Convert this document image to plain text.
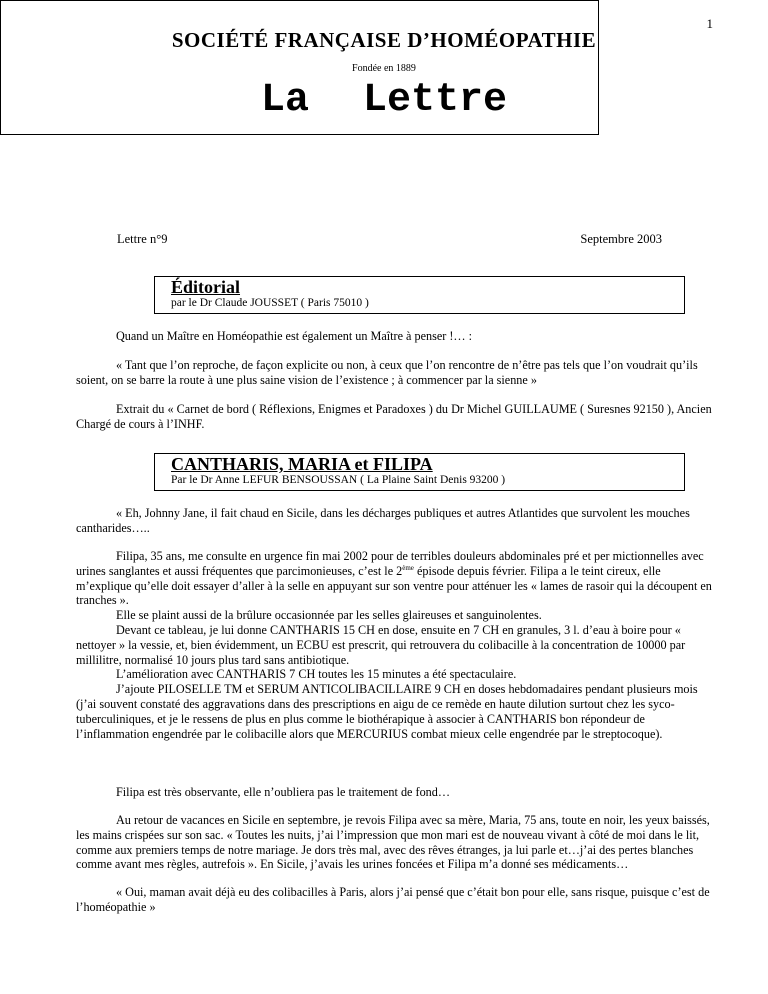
1
SOCIÉTÉ FRANÇAISE D’HOMÉOPATHIE
Fondée en 1889
La Lettre
Lettre n°9	Septembre 2003
Éditorial
par le Dr Claude JOUSSET ( Paris 75010 )

Quand un Maître en Homéopathie est également un Maître à penser !… :

« Tant que l’on reproche, de façon explicite ou non, à ceux que l’on rencontre de n’être pas tels que l’on voudrait qu’ils soient, on se barre la route à une plus saine vision de l’existence ; à commencer par la sienne »

Extrait du « Carnet de bord ( Réflexions, Enigmes et Paradoxes ) du Dr Michel GUILLAUME ( Suresnes 92150 ), Ancien Chargé de cours à l’INHF.

CANTHARIS, MARIA et FILIPA
Par le Dr Anne LEFUR BENSOUSSAN ( La Plaine Saint Denis 93200 )

« Eh, Johnny Jane, il fait chaud en Sicile, dans les décharges publiques et autres Atlantides que survolent les mouches cantharides…..

Filipa, 35 ans, me consulte en urgence fin mai 2002 pour de terribles douleurs abdominales pré et per mictionnelles avec urines sanglantes et aussi fréquentes que parcimonieuses, c’est le 2ème épisode depuis février. Filipa a le teint cireux, elle m’explique qu’elle doit essayer d’aller à la selle en appuyant sur son ventre pour atténuer les « lames de rasoir qui la découpent en tranches ».

Elle se plaint aussi de la brûlure occasionnée par les selles glaireuses et sanguinolentes.

Devant ce tableau, je lui donne CANTHARIS 15 CH en dose, ensuite en 7 CH en granules, 3 l. d’eau à boire pour « nettoyer » la vessie, et, bien évidemment, un ECBU est prescrit, qui retrouvera du colibacille à la concentration de 10000 par millilitre, normalisé 10 jours plus tard sans antibiotique.

L’amélioration avec CANTHARIS 7 CH toutes les 15 minutes a été spectaculaire.

J’ajoute PILOSELLE TM et SERUM ANTICOLIBACILLAIRE 9 CH en doses hebdomadaires pendant plusieurs mois (j’ai souvent constaté des aggravations dans des prescriptions en aigu de ce remède en haute dilution surtout chez les syco-tuberculiniques, et je le ressens de plus en plus comme le biothérapique à associer à CANTHARIS bon répondeur de l’inflammation engendrée par le colibacille alors que MERCURIUS combat mieux celle engendrée par le streptocoque).

Filipa est très observante, elle n’oubliera pas le traitement de fond…

Au retour de vacances en Sicile en septembre, je revois Filipa avec sa mère, Maria, 75 ans, toute en noir, les yeux baissés, les mains crispées sur son sac. « Toutes les nuits, j’ai l’impression que mon mari est de nouveau vivant à côté de moi dans le lit, comme aux premiers temps de notre mariage. Je dors très mal, avec des rêves étranges, ja lui parle et…j’ai des pertes blanches comme avant mes règles, autrefois ». En Sicile, j’avais les urines foncées et Filipa m’a donné ses médicaments…

« Oui, maman avait déjà eu des colibacilles à Paris, alors j’ai pensé que c’était bon pour elle, sans risque, puisque c’est de l’homéopathie »
